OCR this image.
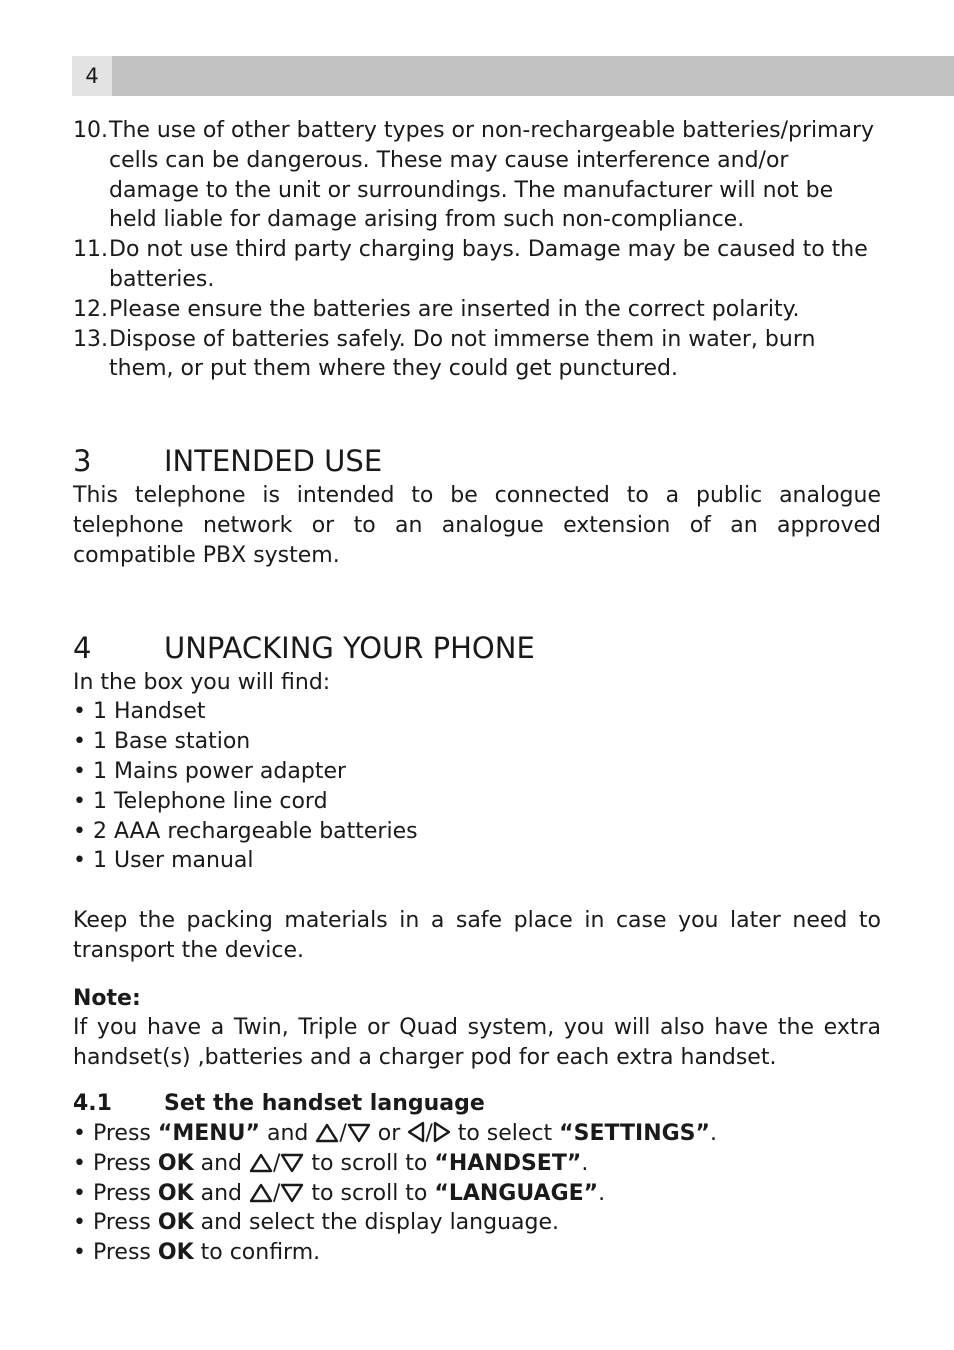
4
10. The use of other battery types or non-rechargeable batteries/primary cells can be dangerous. These may cause interference and/or damage to the unit or surroundings. The manufacturer will not be held liable for damage arising from such non-compliance.
11. Do not use third party charging bays. Damage may be caused to the batteries.
12. Please ensure the batteries are inserted in the correct polarity.
13. Dispose of batteries safely. Do not immerse them in water, burn them, or put them where they could get punctured.
3	INTENDED USE

This telephone is intended to be connected to a public analogue telephone network or to an analogue extension of an approved compatible PBX system.

4	UNPACKING YOUR PHONE

In the box you will find:

• 1 Handset
• 1 Base station
• 1 Mains power adapter
• 1 Telephone line cord
• 2 AAA rechargeable batteries
• 1 User manual

Keep the packing materials in a safe place in case you later need to transport the device.

Note:

If you have a Twin, Triple or Quad system, you will also have the extra handset(s) ,batteries and a charger pod for each extra handset.

4.1	Set the handset language
• Press “MENU” and
/
or
/
to select “SETTINGS”.
• Press OK and
/
to scroll to “HANDSET”.
• Press OK and
/
to scroll to “LANGUAGE”.
• Press OK and select the display language.
• Press OK to confirm.
